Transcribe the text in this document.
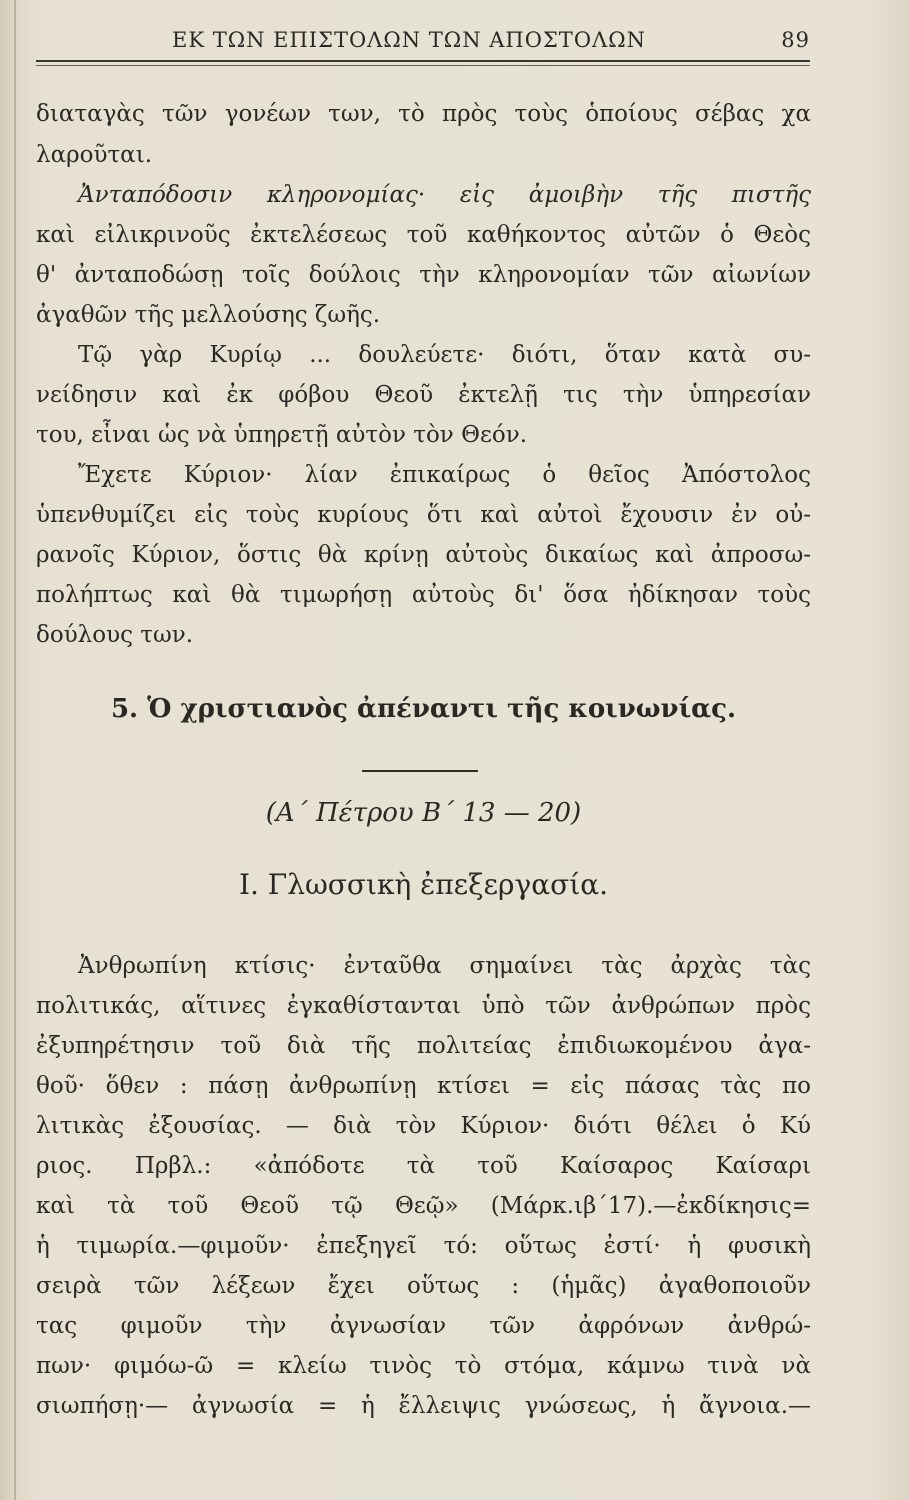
ΕΚ ΤΩΝ ΕΠΙΣΤΟΛΩΝ ΤΩΝ ΑΠΟΣΤΟΛΩΝ	89
διαταγὰς τῶν γονέων των, τὸ πρὸς τοὺς ὁποίους σέβας χα
λαροῦται.
Ἀνταπόδοσιν κληρονομίας· εἰς ἀμοιβὴν τῆς πιστῆς
καὶ εἰλικρινοῦς ἐκτελέσεως τοῦ καθήκοντος αὐτῶν ὁ Θεὸς
θ' ἀνταποδώσῃ τοῖς δούλοις τὴν κληρονομίαν τῶν αἰωνίων
ἀγαθῶν τῆς μελλούσης ζωῆς.
Τῷ γὰρ Κυρίῳ ... δουλεύετε· διότι, ὅταν κατὰ συ-
νείδησιν καὶ ἐκ φόβου Θεοῦ ἐκτελῇ τις τὴν ὑπηρεσίαν
του, εἶναι ὡς νὰ ὑπηρετῇ αὐτὸν τὸν Θεόν.
Ἔχετε Κύριον· λίαν ἐπικαίρως ὁ θεῖος Ἀπόστολος
ὑπενθυμίζει εἰς τοὺς κυρίους ὅτι καὶ αὐτοὶ ἔχουσιν ἐν οὐ-
ρανοῖς Κύριον, ὅστις θὰ κρίνῃ αὐτοὺς δικαίως καὶ ἀπροσω-
πολήπτως καὶ θὰ τιμωρήσῃ αὐτοὺς δι' ὅσα ἠδίκησαν τοὺς
δούλους των.
5. Ὁ χριστιανὸς ἀπέναντι τῆς κοινωνίας.
(Α΄ Πέτρου Β΄ 13 — 20)
Ι. Γλωσσικὴ ἐπεξεργασία.
Ἀνθρωπίνη κτίσις· ἐνταῦθα σημαίνει τὰς ἀρχὰς τὰς
πολιτικάς, αἵτινες ἐγκαθίστανται ὑπὸ τῶν ἀνθρώπων πρὸς
ἐξυπηρέτησιν τοῦ διὰ τῆς πολιτείας ἐπιδιωκομένου ἀγα-
θοῦ· ὅθεν : πάσῃ ἀνθρωπίνῃ κτίσει = εἰς πάσας τὰς πο
λιτικὰς ἐξουσίας. — διὰ τὸν Κύριον· διότι θέλει ὁ Κύ
ριος. Πρβλ.: «ἀπόδοτε τὰ τοῦ Καίσαρος Καίσαρι
καὶ τὰ τοῦ Θεοῦ τῷ Θεῷ» (Μάρκ.ιβ΄17).—ἐκδίκησις=
ἡ τιμωρία.—φιμοῦν· ἐπεξηγεῖ τό: οὕτως ἐστί· ἡ φυσικὴ
σειρὰ τῶν λέξεων ἔχει οὕτως : (ἡμᾶς) ἀγαθοποιοῦν
τας φιμοῦν τὴν ἀγνωσίαν τῶν ἀφρόνων ἀνθρώ-
πων· φιμόω-ῶ = κλείω τινὸς τὸ στόμα, κάμνω τινὰ νὰ
σιωπήσῃ·— ἀγνωσία = ἡ ἔλλειψις γνώσεως, ἡ ἄγνοια.—
